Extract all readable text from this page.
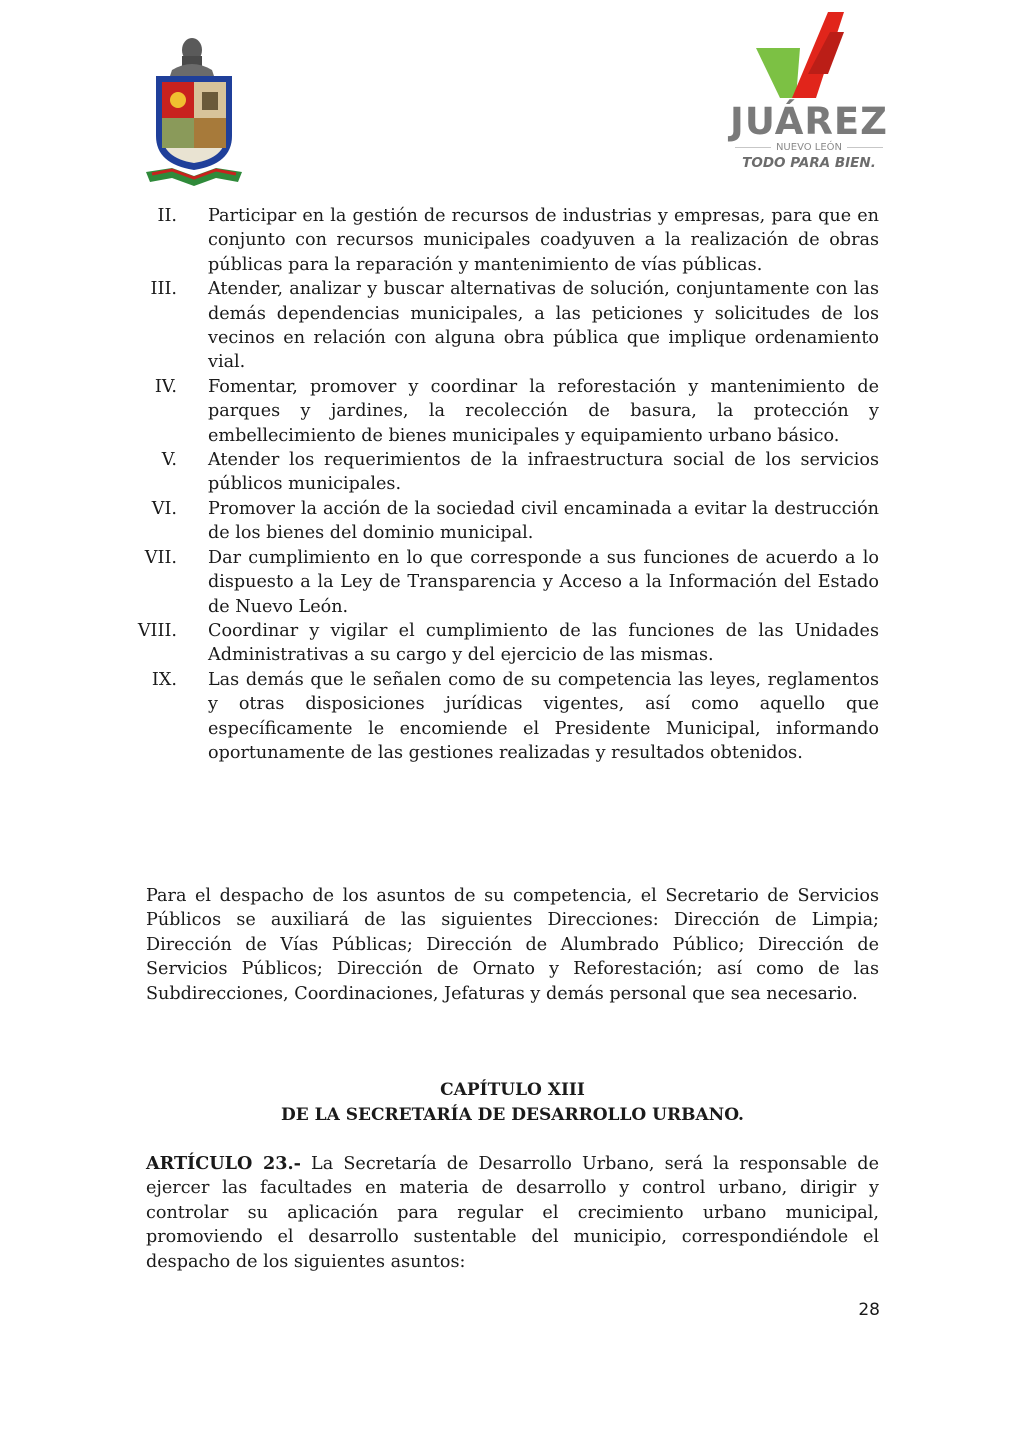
JUÁREZ
NUEVO LEÓN
TODO PARA BIEN.
II. Participar en la gestión de recursos de industrias y empresas, para que en conjunto con recursos municipales coadyuven a la realización de obras públicas para la reparación y mantenimiento de vías públicas.

III. Atender, analizar y buscar alternativas de solución, conjuntamente con las demás dependencias municipales, a las peticiones y solicitudes de los vecinos en relación con alguna obra pública que implique ordenamiento vial.

IV. Fomentar, promover y coordinar la reforestación y mantenimiento de parques y jardines, la recolección de basura, la protección y embellecimiento de bienes municipales y equipamiento urbano básico.

V. Atender los requerimientos de la infraestructura social de los servicios públicos municipales.

VI. Promover la acción de la sociedad civil encaminada a evitar la destrucción de los bienes del dominio municipal.

VII. Dar cumplimiento en lo que corresponde a sus funciones de acuerdo a lo dispuesto a la Ley de Transparencia y Acceso a la Información del Estado de Nuevo León.

VIII. Coordinar y vigilar el cumplimiento de las funciones de las Unidades Administrativas a su cargo y del ejercicio de las mismas.

IX. Las demás que le señalen como de su competencia las leyes, reglamentos y otras disposiciones jurídicas vigentes, así como aquello que específicamente le encomiende el Presidente Municipal, informando oportunamente de las gestiones realizadas y resultados obtenidos.

Para el despacho de los asuntos de su competencia, el Secretario de Servicios Públicos se auxiliará de las siguientes Direcciones: Dirección de Limpia; Dirección de Vías Públicas; Dirección de Alumbrado Público; Dirección de Servicios Públicos; Dirección de Ornato y Reforestación; así como de las Subdirecciones, Coordinaciones, Jefaturas y demás personal que sea necesario.

CAPÍTULO XIII

DE LA SECRETARÍA DE DESARROLLO URBANO.

ARTÍCULO 23.- La Secretaría de Desarrollo Urbano, será la responsable de ejercer las facultades en materia de desarrollo y control urbano, dirigir y controlar su aplicación para regular el crecimiento urbano municipal, promoviendo el desarrollo sustentable del municipio, correspondiéndole el despacho de los siguientes asuntos:

28
